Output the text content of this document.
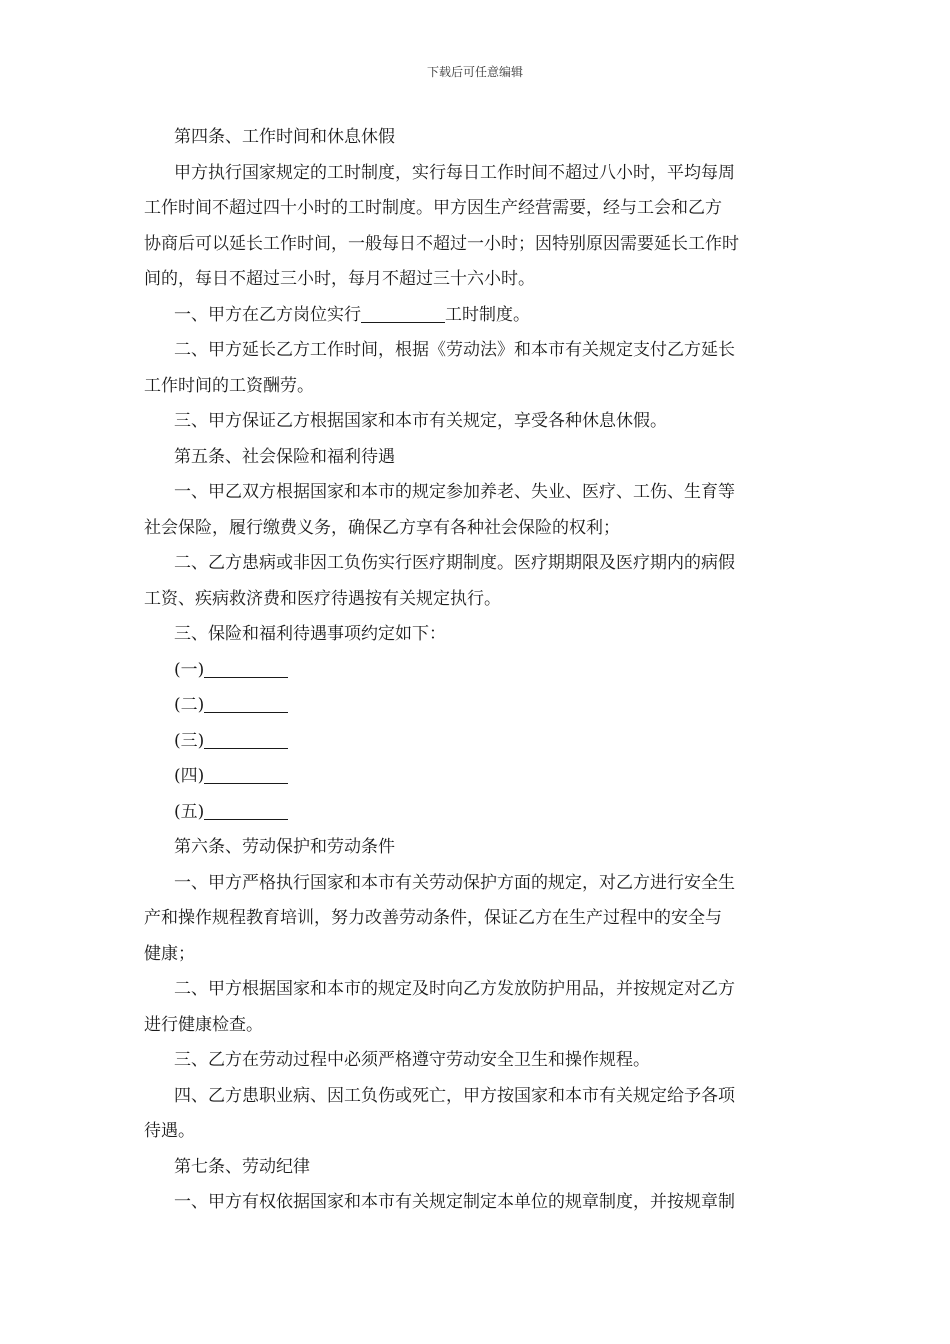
下载后可任意编辑
第四条、工作时间和休息休假
甲方执行国家规定的工时制度，实行每日工作时间不超过八小时，平均每周
工作时间不超过四十小时的工时制度。甲方因生产经营需要，经与工会和乙方
协商后可以延长工作时间，一般每日不超过一小时；因特别原因需要延长工作时
间的，每日不超过三小时，每月不超过三十六小时。
一、甲方在乙方岗位实行	工时制度。
二、甲方延长乙方工作时间，根据《劳动法》和本市有关规定支付乙方延长
工作时间的工资酬劳。
三、甲方保证乙方根据国家和本市有关规定，享受各种休息休假。
第五条、社会保险和福利待遇
一、甲乙双方根据国家和本市的规定参加养老、失业、医疗、工伤、生育等
社会保险，履行缴费义务，确保乙方享有各种社会保险的权利；
二、乙方患病或非因工负伤实行医疗期制度。医疗期期限及医疗期内的病假
工资、疾病救济费和医疗待遇按有关规定执行。
三、保险和福利待遇事项约定如下：
(一)
(二)
(三)
(四)
(五)
第六条、劳动保护和劳动条件
一、甲方严格执行国家和本市有关劳动保护方面的规定，对乙方进行安全生
产和操作规程教育培训，努力改善劳动条件，保证乙方在生产过程中的安全与
健康；
二、甲方根据国家和本市的规定及时向乙方发放防护用品，并按规定对乙方
进行健康检查。
三、乙方在劳动过程中必须严格遵守劳动安全卫生和操作规程。
四、乙方患职业病、因工负伤或死亡，甲方按国家和本市有关规定给予各项
待遇。
第七条、劳动纪律
一、甲方有权依据国家和本市有关规定制定本单位的规章制度，并按规章制
